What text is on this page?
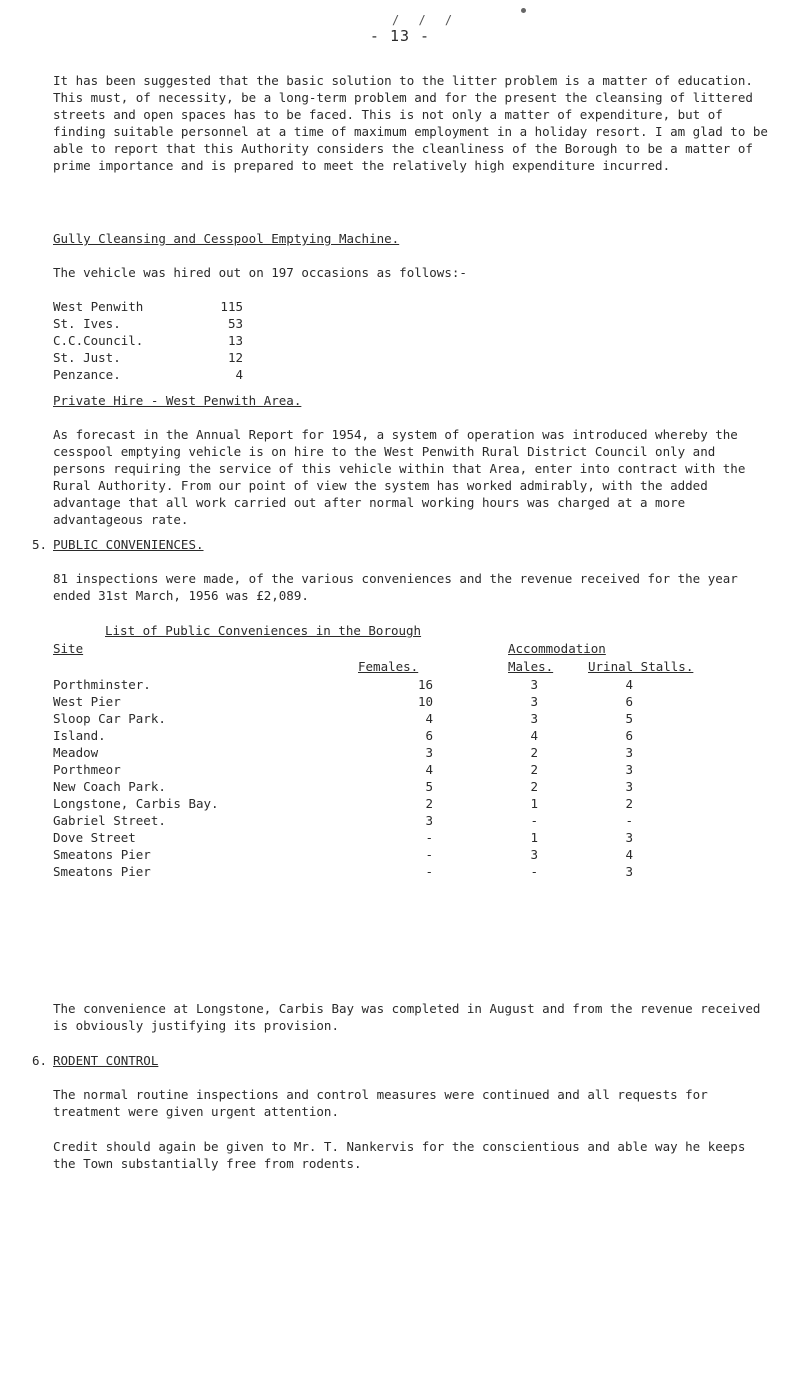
/ / /
- 13 -

It has been suggested that the basic solution to the litter problem is a matter of education. This must, of necessity, be a long-term problem and for the present the cleansing of littered streets and open spaces has to be faced. This is not only a matter of expenditure, but of finding suitable personnel at a time of maximum employment in a holiday resort. I am glad to be able to report that this Authority considers the cleanliness of the Borough to be a matter of prime importance and is prepared to meet the relatively high expenditure incurred.

Gully Cleansing and Cesspool Emptying Machine.

The vehicle was hired out on 197 occasions as follows:-

West Penwith	115
St. Ives.	53
C.C.Council.	13
St. Just.	12
Penzance.	4

Private Hire - West Penwith Area.

As forecast in the Annual Report for 1954, a system of operation was introduced whereby the cesspool emptying vehicle is on hire to the West Penwith Rural District Council only and persons requiring the service of this vehicle within that Area, enter into contract with the Rural Authority. From our point of view the system has worked admirably, with the added advantage that all work carried out after normal working hours was charged at a more advantageous rate.

5. PUBLIC CONVENIENCES.

81 inspections were made, of the various conveniences and the revenue received for the year ended 31st March, 1956 was £2,089.

List of Public Conveniences in the Borough

Site	Accommodation
Females.	Males.	Urinal Stalls.
Porthminster.	16	3	4	
West Pier	10	3	6	
Sloop Car Park.	4	3	5	
Island.	6	4	6	
Meadow	3	2	3	
Porthmeor	4	2	3	
New Coach Park.	5	2	3	
Longstone, Carbis Bay.	2	1	2	
Gabriel Street.	3	-	-	
Dove Street	-	1	3	
Smeatons Pier	-	3	4	
Smeatons Pier	-	-	3	

The convenience at Longstone, Carbis Bay was completed in August and from the revenue received is obviously justifying its provision.

6. RODENT CONTROL

The normal routine inspections and control measures were continued and all requests for treatment were given urgent attention.

Credit should again be given to Mr. T. Nankervis for the conscientious and able way he keeps the Town substantially free from rodents.
